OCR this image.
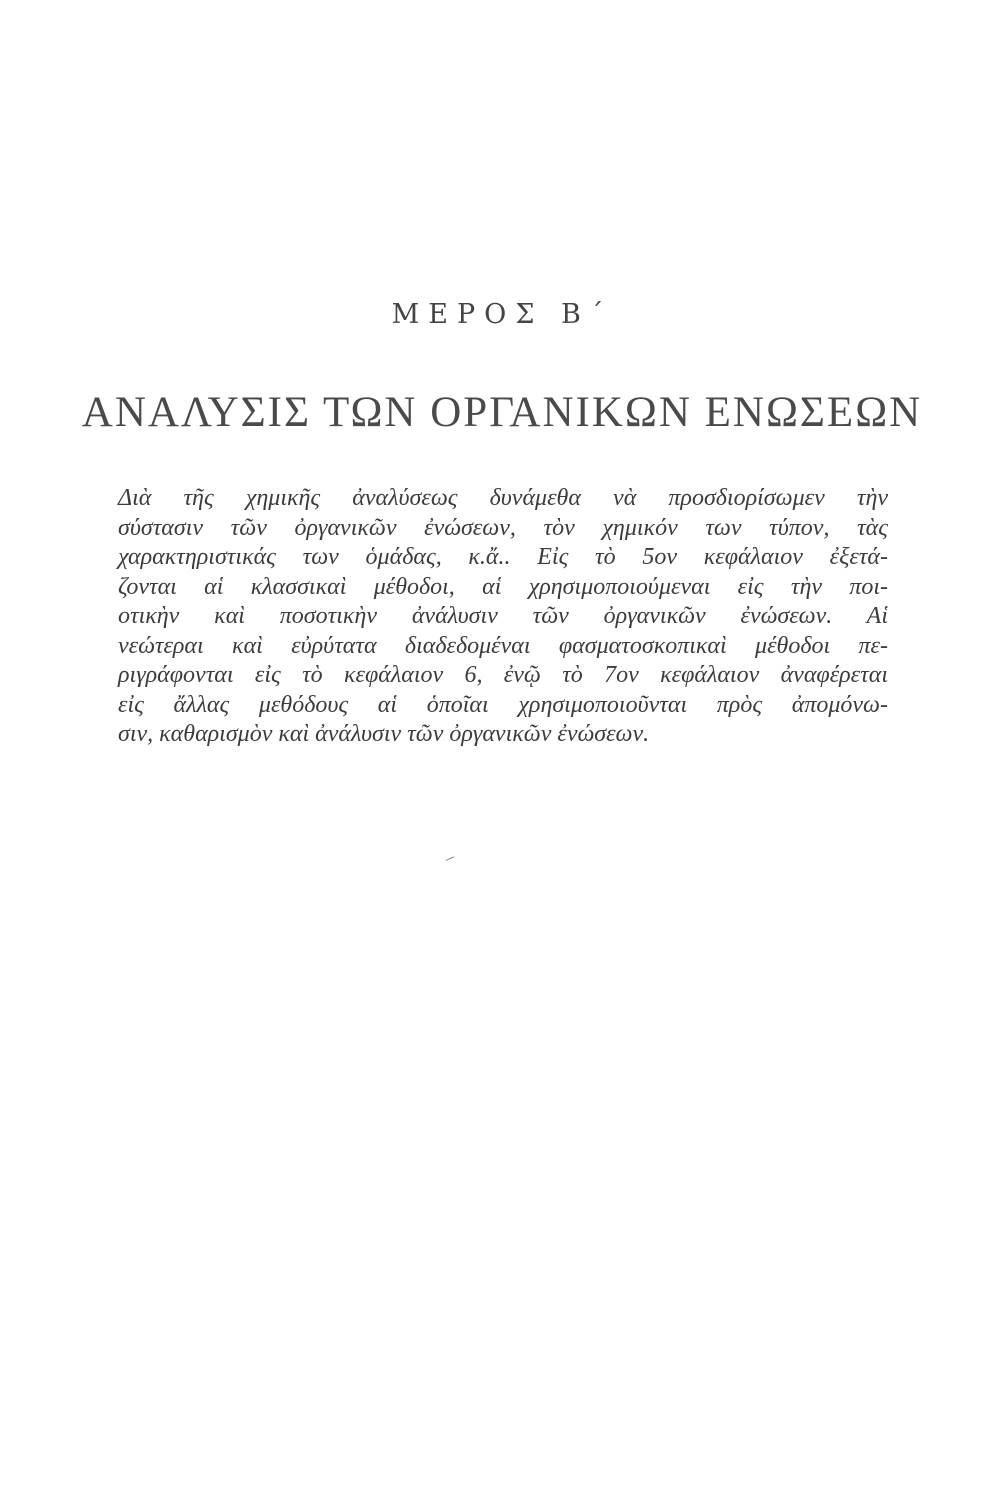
ΜΕΡΟΣ Β΄
ΑΝΑΛΥΣΙΣ ΤΩΝ ΟΡΓΑΝΙΚΩΝ ΕΝΩΣΕΩΝ
Διὰ τῆς χημικῆς ἀναλύσεως δυνάμεθα νὰ προσδιορίσωμεν τὴν
σύστασιν τῶν ὀργανικῶν ἐνώσεων, τὸν χημικόν των τύπον, τὰς
χαρακτηριστικάς των ὁμάδας, κ.ἄ.. Εἰς τὸ 5ον κεφάλαιον ἐξετά-
ζονται αἱ κλασσικαὶ μέθοδοι, αἱ χρησιμοποιούμεναι εἰς τὴν ποι-
οτικὴν καὶ ποσοτικὴν ἀνάλυσιν τῶν ὀργανικῶν ἐνώσεων. Αἱ
νεώτεραι καὶ εὐρύτατα διαδεδομέναι φασματοσκοπικαὶ μέθοδοι πε-
ριγράφονται εἰς τὸ κεφάλαιον 6, ἐνῷ τὸ 7ον κεφάλαιον ἀναφέρεται
εἰς ἄλλας μεθόδους αἱ ὁποῖαι χρησιμοποιοῦνται πρὸς ἀπομόνω-
σιν, καθαρισμὸν καὶ ἀνάλυσιν τῶν ὀργανικῶν ἐνώσεων.
